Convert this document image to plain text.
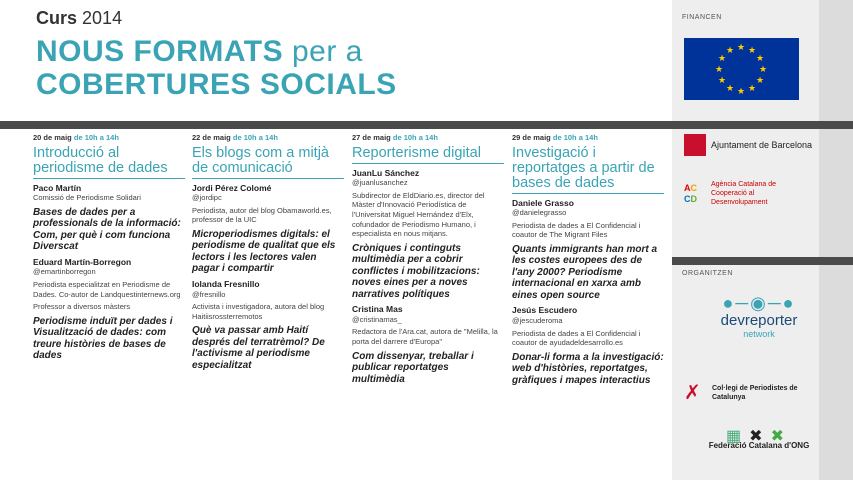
Curs 2014
NOUS FORMATS per a
COBERTURES SOCIALS
20 de maig de 10h a 14h
Introducció al periodisme de dades
Paco Martín
Comissió de Periodisme Solidari
Bases de dades per a professionals de la informació: Com, per què i com funciona Diverscat
Eduard Martín-Borregon
@emartinborregon
Periodista especialitzat en Periodisme de Dades. Co-autor de Landquestinternews.org
Professor a diversos màsters
Periodisme induït per dades i Visualització de dades: com treure històries de bases de dades
22 de maig de 10h a 14h
Els blogs com a mitjà de comunicació
Jordi Pérez Colomé
@jordipc
Periodista, autor del blog Obamaworld.es, professor de la UIC
Microperiodismes digitals: el periodisme de qualitat que els lectors i les lectores valen pagar i compartir
Iolanda Fresnillo
@fresnillo
Activista i investigadora, autora del blog Haitiisrossterremotos
Què va passar amb Haití després del terratrèmol? De l'activisme al periodisme especialitzat
27 de maig de 10h a 14h
Reporterisme digital
JuanLu Sánchez
@juanlusanchez
Subdirector de EldDiario.es, director del Màster d'Innovació Periodística de l'Universitat Miguel Hernández d'Elx, cofundador de Periodismo Humano, i especialista en nous mitjans.
Cròniques i continguts multimèdia per a cobrir conflictes i mobilitzacions: noves eines per a noves narratives polítiques
Cristina Mas
@cristinamas_
Redactora de l'Ara.cat, autora de "Melilla, la porta del darrere d'Europa"
Com dissenyar, treballar i publicar reportatges multimèdia
29 de maig de 10h a 14h
Investigació i reportatges a partir de bases de dades
Daniele Grasso
@danielegrasso
Periodista de dades a El Confidencial i coautor de The Migrant Files
Quants immigrants han mort a les costes europees des de l'any 2000? Periodisme internacional en xarxa amb eines open source
Jesús Escudero
@jescuderoma
Periodista de dades a El Confidencial i coautor de ayudadeldesarrollo.es
Donar-li forma a la investigació: web d'històries, reportatges, gràfiques i mapes interactius
FINANCEN
★
★
★
★
★
★
★
★
★ ★ ★
★
Ajuntament de Barcelona
AC
CDAgència Catalana de Cooperació al Desenvolupament
ORGANITZEN
●─◉─●
devreporter
network
✗ Col·legi de Periodistes de Catalunya
▦✖✖
Federació Catalana d'ONG
